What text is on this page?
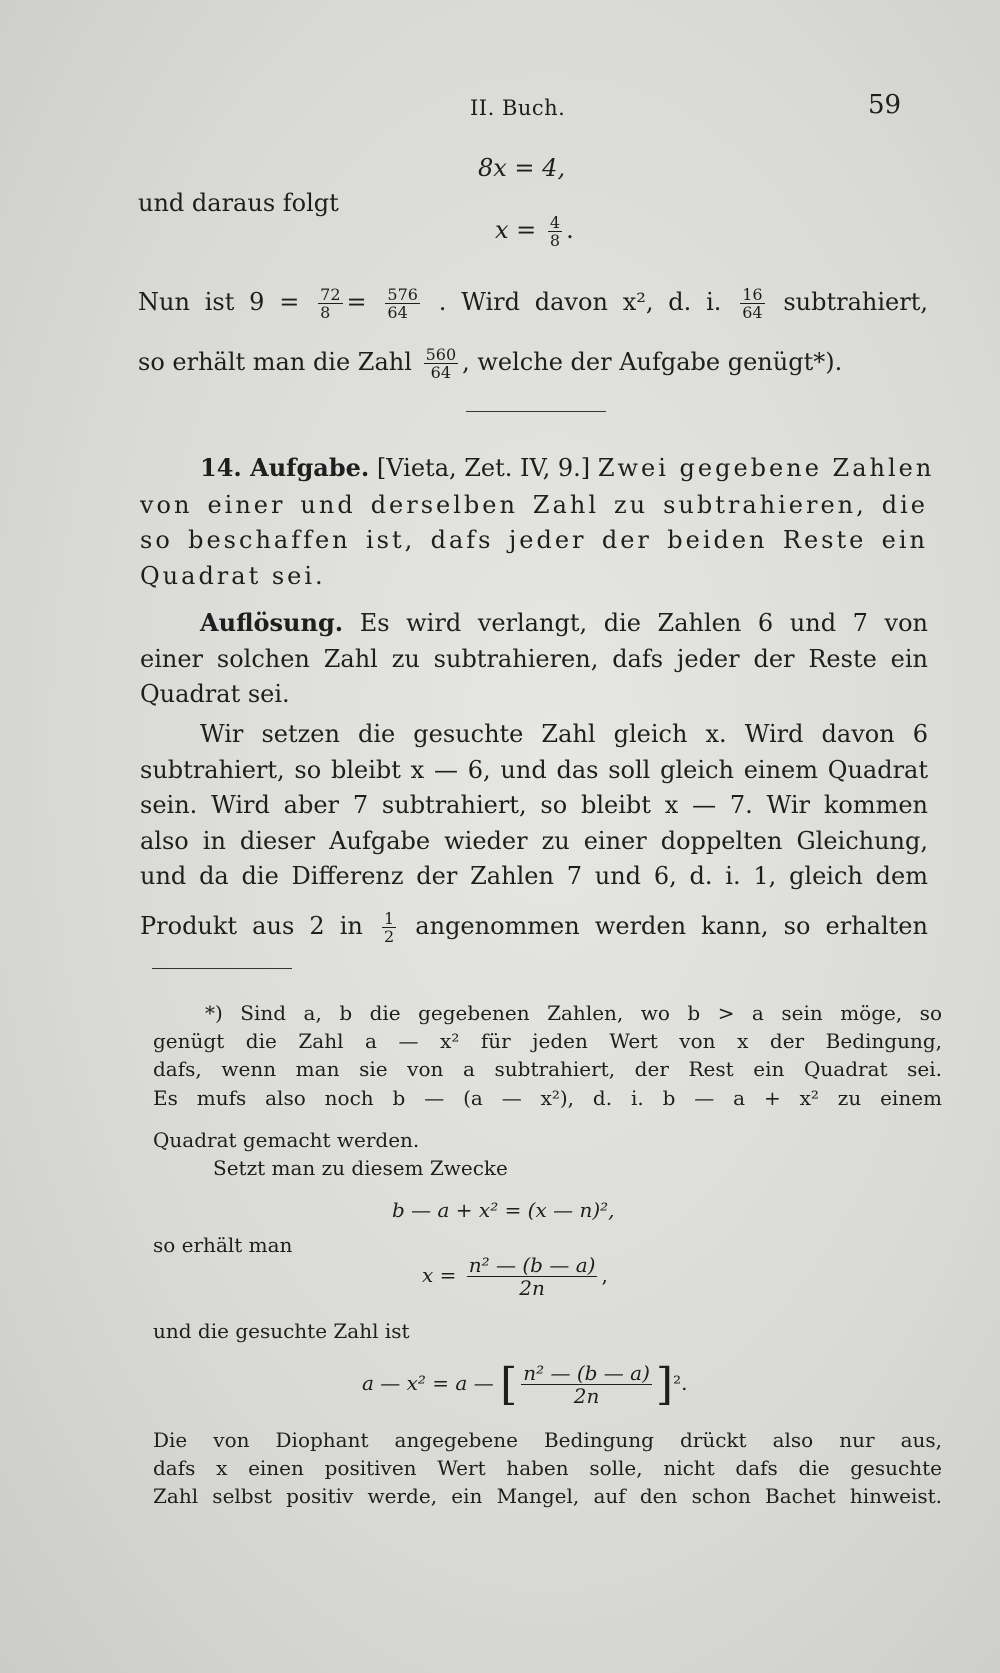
II. Buch.	59
8x = 4,
und daraus folgt
$x = \frac{4}{8}$ .
Nun ist $9 = \frac{72}{8} = \frac{576}{64}$ . Wird davon x², d. i. $\frac{16}{64}$ subtrahiert,
so erhält man die Zahl $\frac{560}{64}$ , welche der Aufgabe genügt*).
14. Aufgabe. [Vieta, Zet. IV, 9.] Zwei gegebene Zahlen
von einer und derselben Zahl zu subtrahieren, die
so beschaffen ist, dafs jeder der beiden Reste ein
Quadrat sei.
Auflösung. Es wird verlangt, die Zahlen 6 und 7 von
einer solchen Zahl zu subtrahieren, dafs jeder der Reste ein
Quadrat sei.
Wir setzen die gesuchte Zahl gleich x. Wird davon 6
subtrahiert, so bleibt x — 6, und das soll gleich einem Quadrat
sein. Wird aber 7 subtrahiert, so bleibt x — 7. Wir kommen
also in dieser Aufgabe wieder zu einer doppelten Gleichung,
und da die Differenz der Zahlen 7 und 6, d. i. 1, gleich dem
Produkt aus 2 in $\frac{1}{2}$ angenommen werden kann, so erhalten
*) Sind a, b die gegebenen Zahlen, wo b > a sein möge, so
genügt die Zahl a — x² für jeden Wert von x der Bedingung,
dafs, wenn man sie von a subtrahiert, der Rest ein Quadrat sei.
Es mufs also noch b — (a — x²), d. i. b — a + x² zu einem
Quadrat gemacht werden.
Setzt man zu diesem Zwecke
b — a + x² = (x — n)²,
so erhält man
$x = \frac{\text{n² — (b — a)}}{2n}$ ,
und die gesuchte Zahl ist
a — x² = a — [ $\frac{\text{n² — (b — a)}}{2n} ]^2$.
Die von Diophant angegebene Bedingung drückt also nur aus,
dafs x einen positiven Wert haben solle, nicht dafs die gesuchte
Zahl selbst positiv werde, ein Mangel, auf den schon Bachet hinweist.
